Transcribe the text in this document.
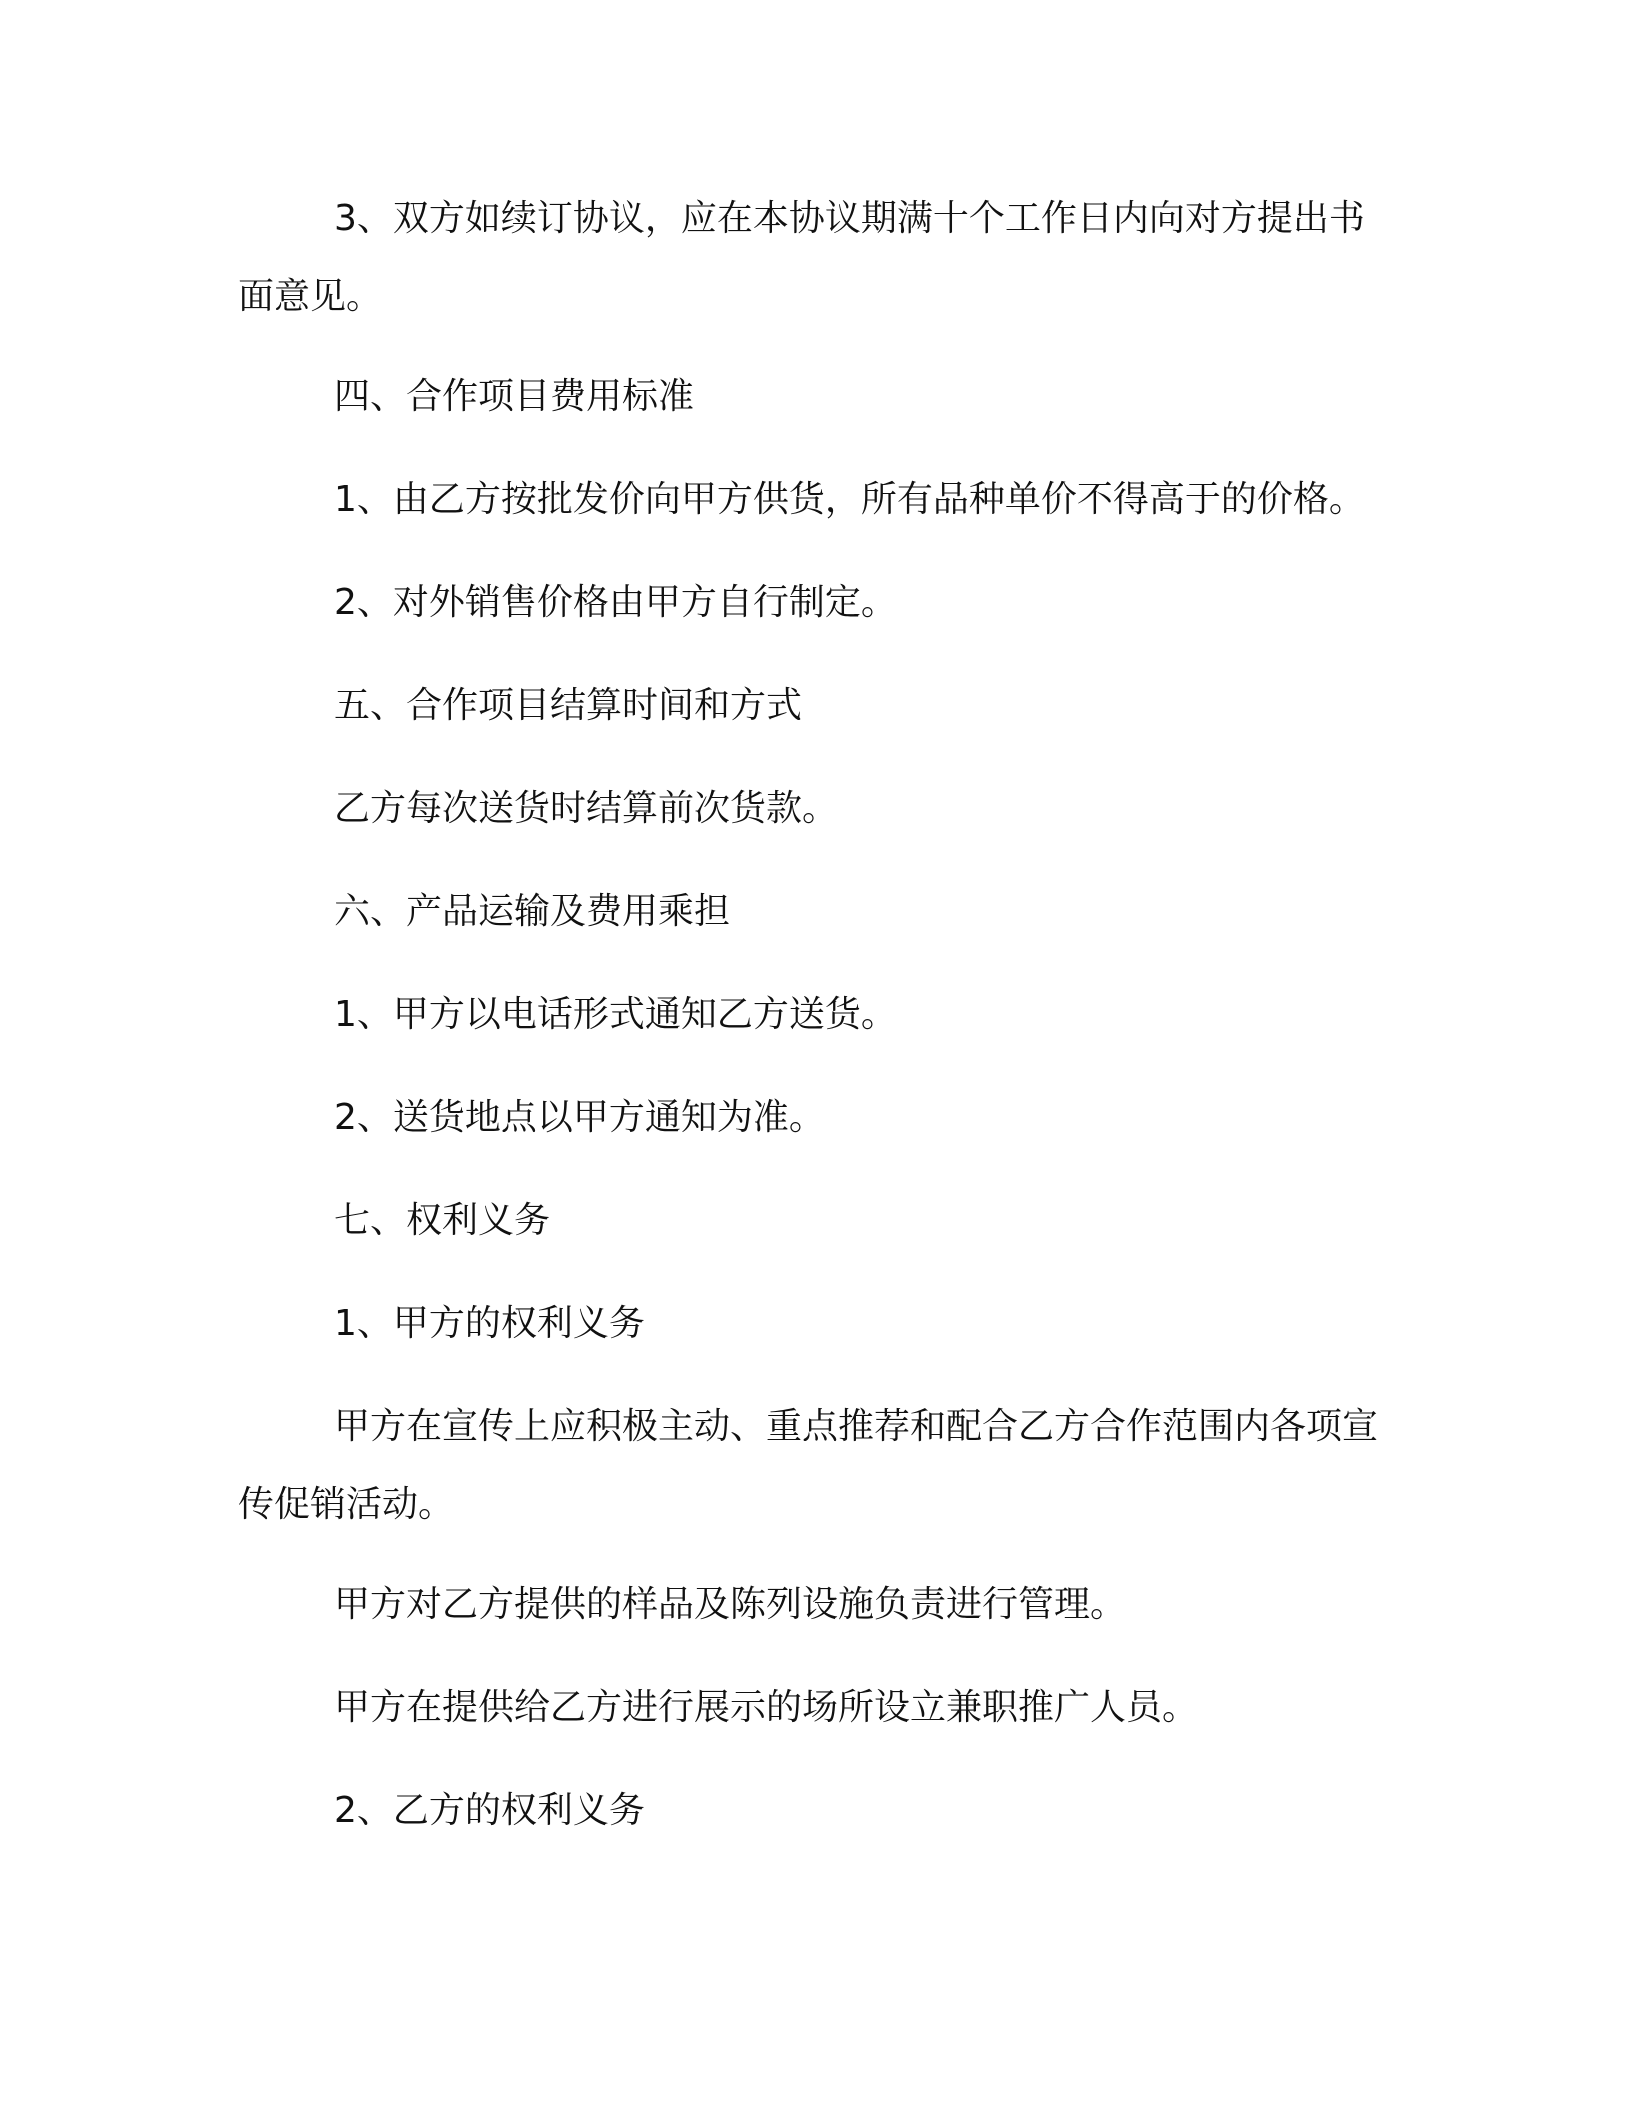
3、双方如续订协议，应在本协议期满十个工作日内向对方提出书面意见。

四、合作项目费用标准

1、由乙方按批发价向甲方供货，所有品种单价不得高于的价格。

2、对外销售价格由甲方自行制定。

五、合作项目结算时间和方式

乙方每次送货时结算前次货款。

六、产品运输及费用乘担

1、甲方以电话形式通知乙方送货。

2、送货地点以甲方通知为准。

七、权利义务

1、甲方的权利义务

甲方在宣传上应积极主动、重点推荐和配合乙方合作范围内各项宣传促销活动。

甲方对乙方提供的样品及陈列设施负责进行管理。

甲方在提供给乙方进行展示的场所设立兼职推广人员。

2、乙方的权利义务
